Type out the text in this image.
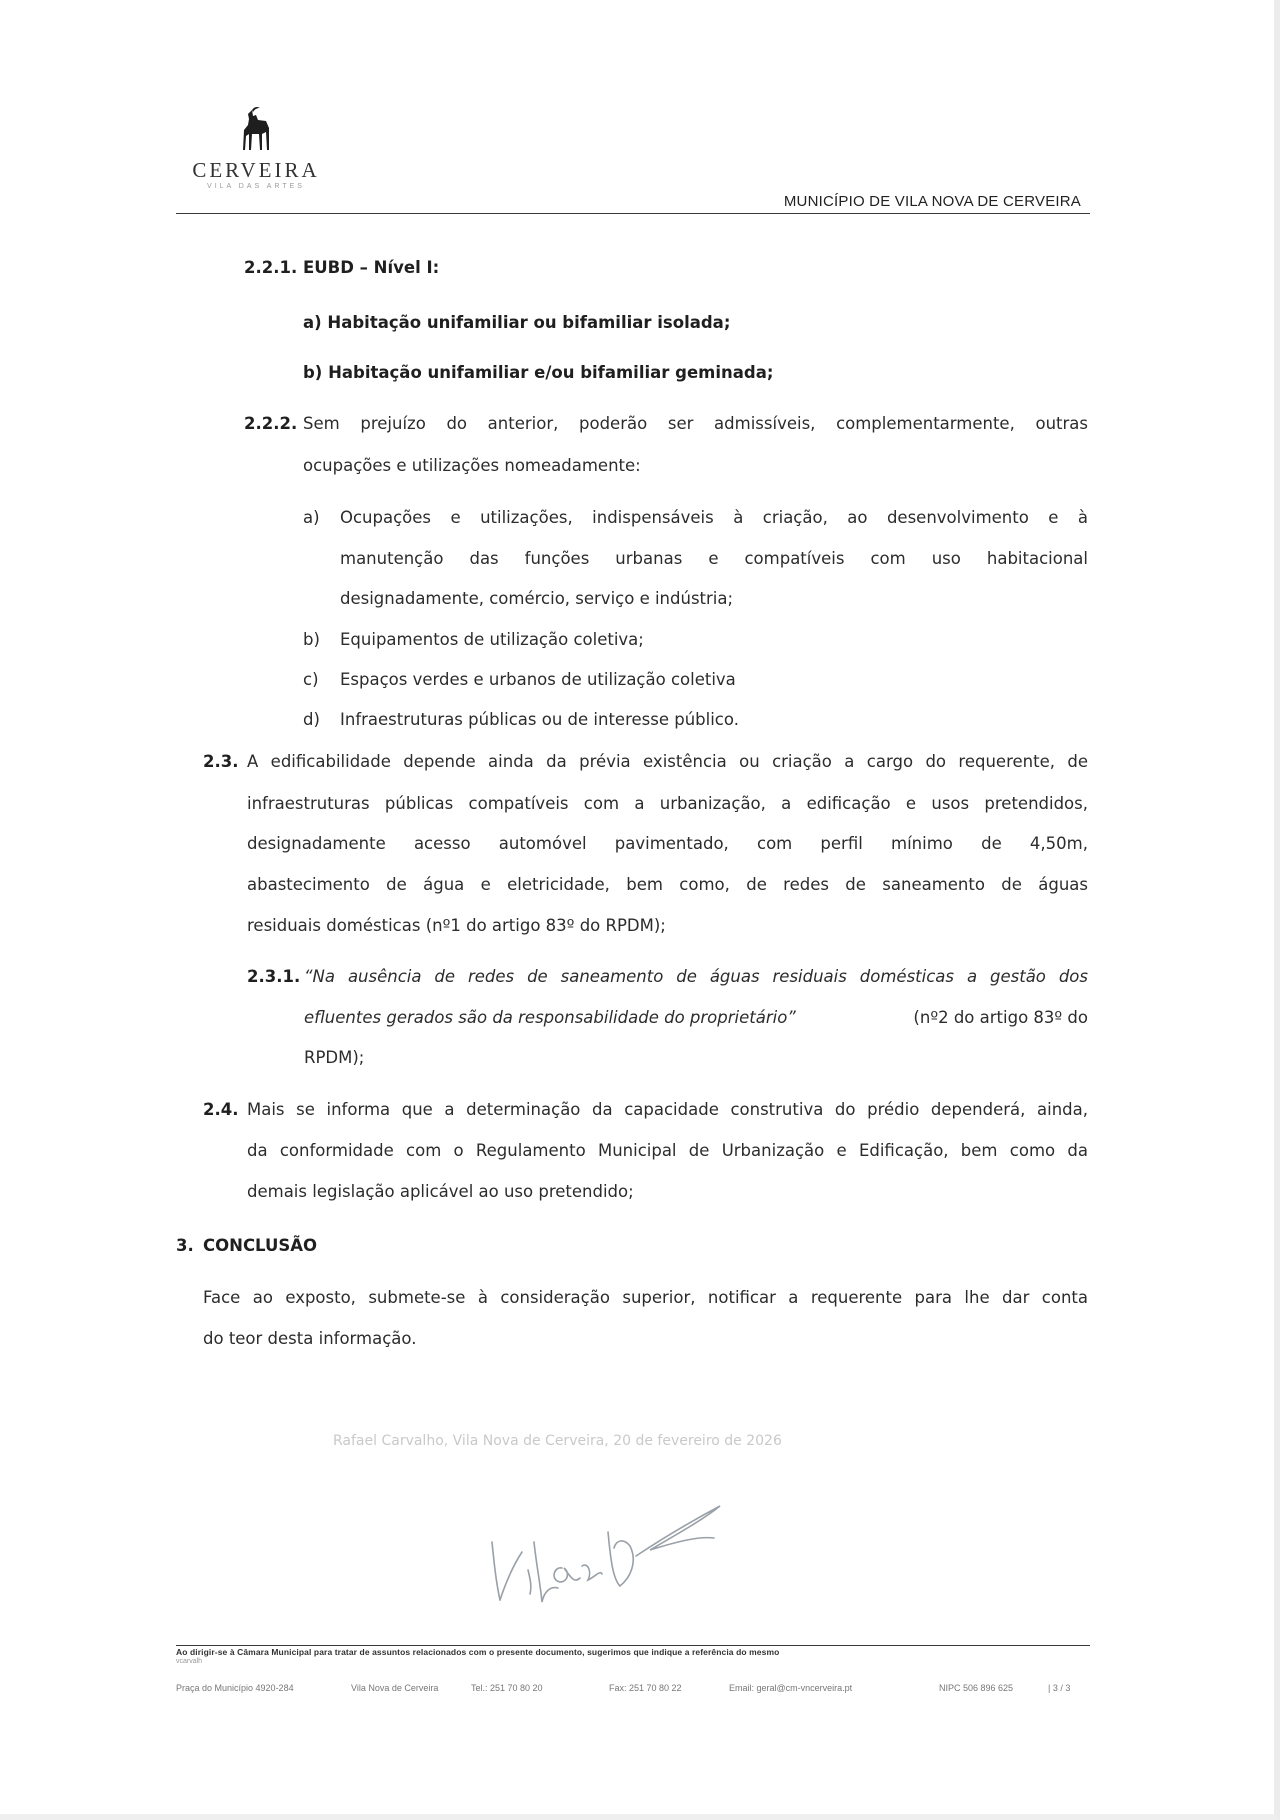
CERVEIRA
VILA DAS ARTES
MUNICÍPIO DE VILA NOVA DE CERVEIRA
2.2.1. EUBD – Nível I:
a) Habitação unifamiliar ou bifamiliar isolada;
b) Habitação unifamiliar e/ou bifamiliar geminada;
2.2.2. Sem prejuízo do anterior, poderão ser admissíveis, complementarmente, outras
ocupações e utilizações nomeadamente:
a) Ocupações e utilizações, indispensáveis à criação, ao desenvolvimento e à
manutenção das funções urbanas e compatíveis com uso habitacional
designadamente, comércio, serviço e indústria;
b) Equipamentos de utilização coletiva;
c) Espaços verdes e urbanos de utilização coletiva
d) Infraestruturas públicas ou de interesse público.
2.3. A edificabilidade depende ainda da prévia existência ou criação a cargo do requerente, de
infraestruturas públicas compatíveis com a urbanização, a edificação e usos pretendidos,
designadamente acesso automóvel pavimentado, com perfil mínimo de 4,50m,
abastecimento de água e eletricidade, bem como, de redes de saneamento de águas
residuais domésticas (nº1 do artigo 83º do RPDM);
2.3.1. “Na ausência de redes de saneamento de águas residuais domésticas a gestão dos
efluentes gerados são da responsabilidade do proprietário”	(nº2 do artigo 83º do
RPDM);
2.4. Mais se informa que a determinação da capacidade construtiva do prédio dependerá, ainda,
da conformidade com o Regulamento Municipal de Urbanização e Edificação, bem como da
demais legislação aplicável ao uso pretendido;
3. CONCLUSÃO
Face ao exposto, submete-se à consideração superior, notificar a requerente para lhe dar conta
do teor desta informação.
Rafael Carvalho, Vila Nova de Cerveira, 20 de fevereiro de 2026
Ao dirigir-se à Câmara Municipal para tratar de assuntos relacionados com o presente documento, sugerimos que indique a referência do mesmo
vcarvalh
Praça do Município 4920-284	Vila Nova de Cerveira	Tel.: 251 70 80 20	Fax: 251 70 80 22	Email: geral@cm-vncerveira.pt	NIPC 506 896 625	| 3 / 3
